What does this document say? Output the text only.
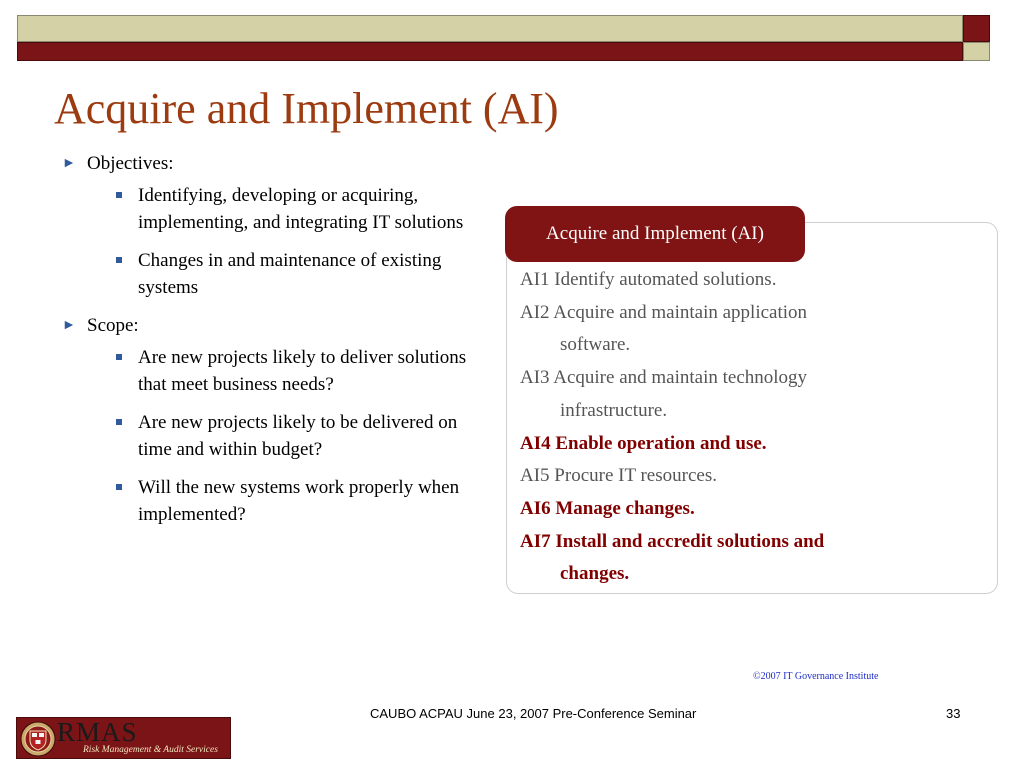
Acquire and Implement (AI)
► Objectives:
Identifying, developing or acquiring, implementing, and integrating IT solutions
Changes in and maintenance of existing systems
► Scope:
Are new projects likely to deliver solutions that meet business needs?
Are new projects likely to be delivered on time and within budget?
Will the new systems work properly when implemented?
Acquire and Implement (AI)
AI1 Identify automated solutions.
AI2 Acquire and maintain application
software.
AI3 Acquire and maintain technology
infrastructure.
AI4 Enable operation and use.
AI5 Procure IT resources.
AI6 Manage changes.
AI7 Install and accredit solutions and
changes.
©2007 IT Governance Institute
CAUBO ACPAU June 23, 2007 Pre-Conference Seminar	33
RMAS
Risk Management & Audit Services
